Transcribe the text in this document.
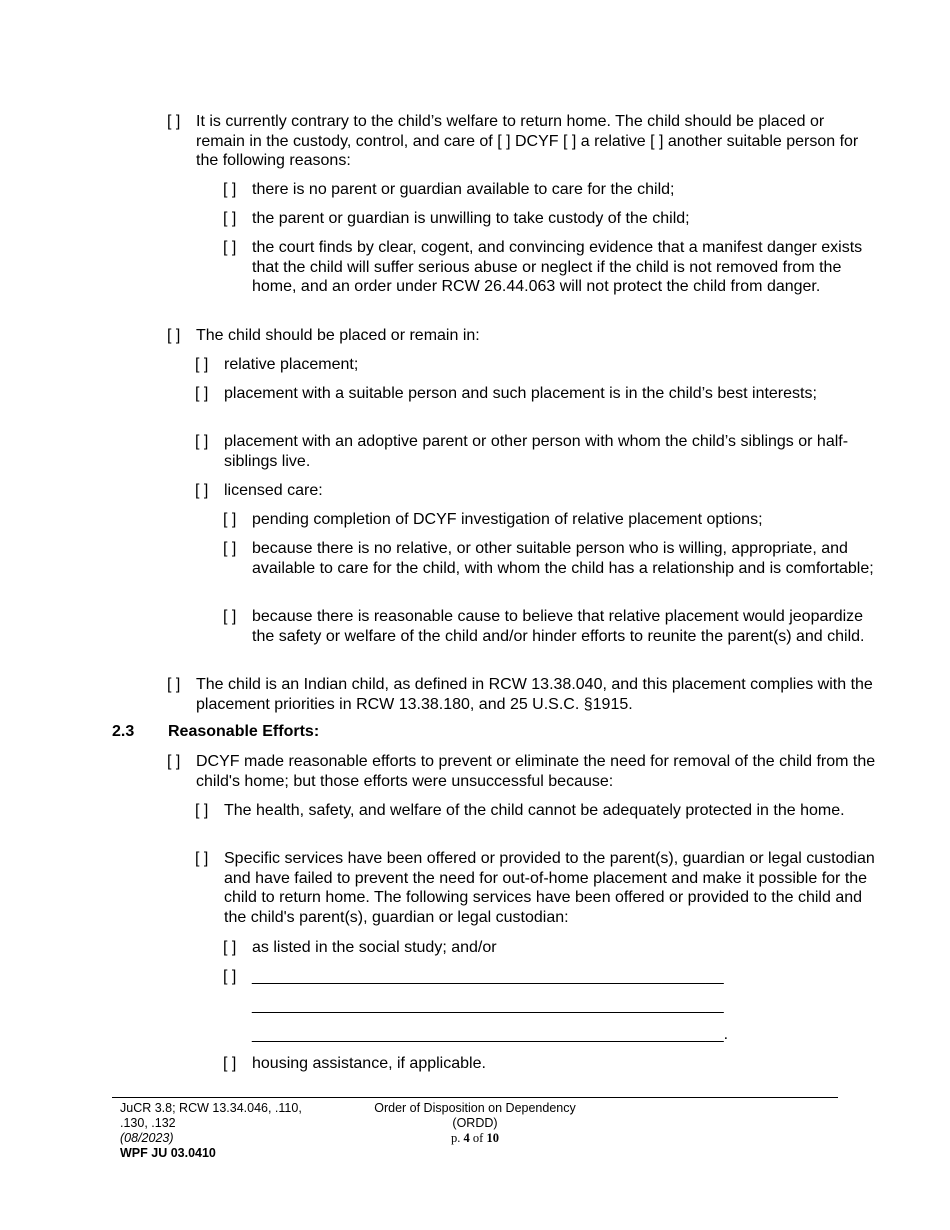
[ ] It is currently contrary to the child’s welfare to return home. The child should be placed or remain in the custody, control, and care of [ ] DCYF [ ] a relative [ ] another suitable person for the following reasons:
[ ] there is no parent or guardian available to care for the child;
[ ] the parent or guardian is unwilling to take custody of the child;
[ ] the court finds by clear, cogent, and convincing evidence that a manifest danger exists that the child will suffer serious abuse or neglect if the child is not removed from the home, and an order under RCW 26.44.063 will not protect the child from danger.
[ ] The child should be placed or remain in:
[ ] relative placement;
[ ] placement with a suitable person and such placement is in the child’s best interests;
[ ] placement with an adoptive parent or other person with whom the child’s siblings or half-siblings live.
[ ] licensed care:
[ ] pending completion of DCYF investigation of relative placement options;
[ ] because there is no relative, or other suitable person who is willing, appropriate, and available to care for the child, with whom the child has a relationship and is comfortable;
[ ] because there is reasonable cause to believe that relative placement would jeopardize the safety or welfare of the child and/or hinder efforts to reunite the parent(s) and child.
[ ] The child is an Indian child, as defined in RCW 13.38.040, and this placement complies with the placement priorities in RCW 13.38.180, and 25 U.S.C. §1915.
2.3 Reasonable Efforts:
[ ] DCYF made reasonable efforts to prevent or eliminate the need for removal of the child from the child's home; but those efforts were unsuccessful because:
[ ] The health, safety, and welfare of the child cannot be adequately protected in the home.
[ ] Specific services have been offered or provided to the parent(s), guardian or legal custodian and have failed to prevent the need for out-of-home placement and make it possible for the child to return home. The following services have been offered or provided to the child and the child's parent(s), guardian or legal custodian:
[ ] as listed in the social study; and/or
[ ] _____________________________________________________
_____________________________________________________
_____________________________________________________.
[ ] housing assistance, if applicable.
JuCR 3.8; RCW 13.34.046, .110,
.130, .132
(08/2023)
WPF JU 03.0410
Order of Disposition on Dependency
(ORDD)
p. 4 of 10
